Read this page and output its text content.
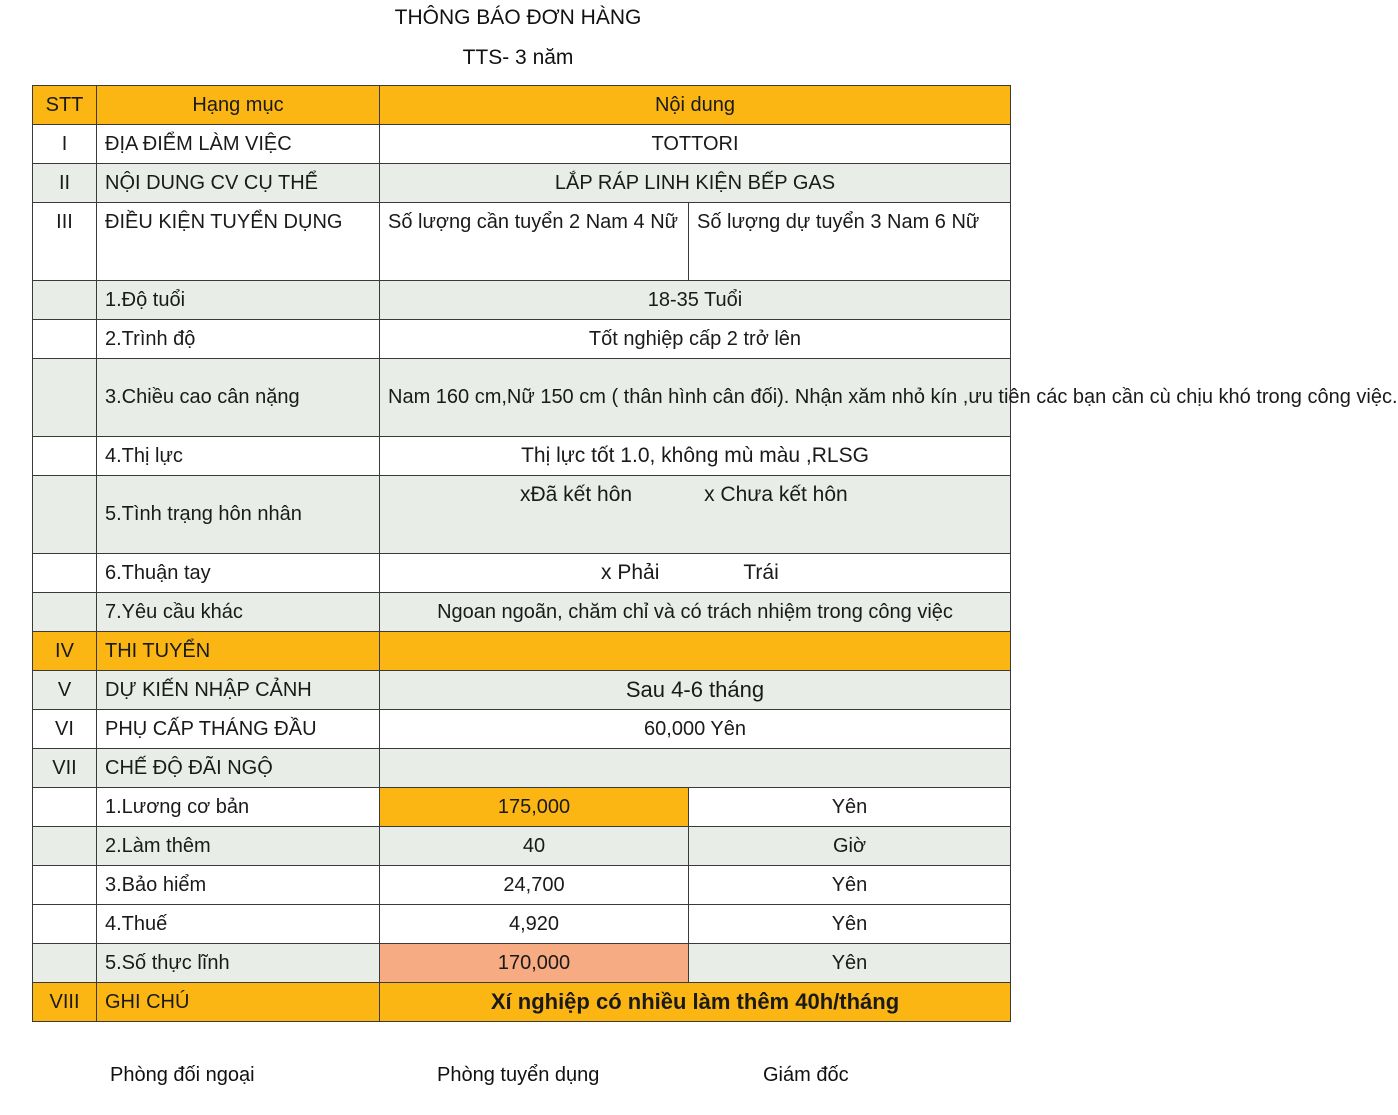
THÔNG BÁO ĐƠN HÀNG
TTS- 3 năm
STT	Hạng mục	Nội dung	
I	ĐỊA ĐIỂM LÀM VIỆC	TOTTORI	
II	NỘI DUNG CV CỤ THỂ	LẮP RÁP LINH KIỆN BẾP GAS	
III	ĐIỀU KIỆN TUYỂN DỤNG	Số lượng cần tuyển 2 Nam 4 Nữ	Số lượng dự tuyển 3 Nam 6 Nữ
	1.Độ tuổi	18-35 Tuổi	
	2.Trình độ	Tốt nghiệp cấp 2 trở lên	
	3.Chiều cao cân nặng	Nam 160 cm,Nữ 150 cm ( thân hình cân đối). Nhận xăm nhỏ kín ,ưu tiên các bạn cần cù chịu khó trong công việc.	
	4.Thị lực	Thị lực tốt 1.0, không mù màu ,RLSG	
	5.Tình trạng hôn nhân	xĐã kết hôn x Chưa kết hôn	
	6.Thuận tay	x Phải Trái	
	7.Yêu cầu khác	Ngoan ngoãn, chăm chỉ và có trách nhiệm trong công việc	
IV	THI TUYỂN		
V	DỰ KIẾN NHẬP CẢNH	Sau 4-6 tháng	
VI	PHỤ CẤP THÁNG ĐẦU	60,000 Yên	
VII	CHẾ ĐỘ ĐÃI NGỘ		
	1.Lương cơ bản	175,000	Yên
	2.Làm thêm	40	Giờ
	3.Bảo hiểm	24,700	Yên
	4.Thuế	4,920	Yên
	5.Số thực lĩnh	170,000	Yên
VIII	GHI CHÚ	Xí nghiệp có nhiều làm thêm 40h/tháng	
Phòng đối ngoại	Phòng tuyển dụng	Giám đốc
